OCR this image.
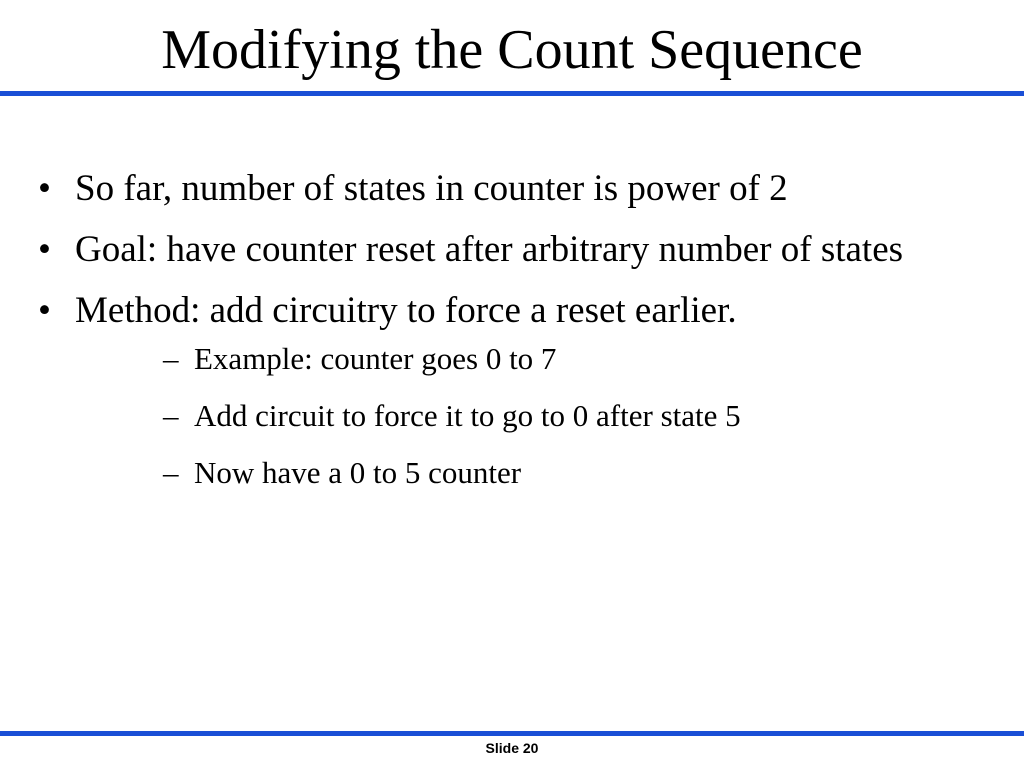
Modifying the Count Sequence
• So far, number of states in counter is power of 2
• Goal: have counter reset after arbitrary number of states
• Method: add circuitry to force a reset earlier.
– Example: counter goes 0 to 7
– Add circuit to force it to go to 0 after state 5
– Now have a 0 to 5 counter
Slide 20
